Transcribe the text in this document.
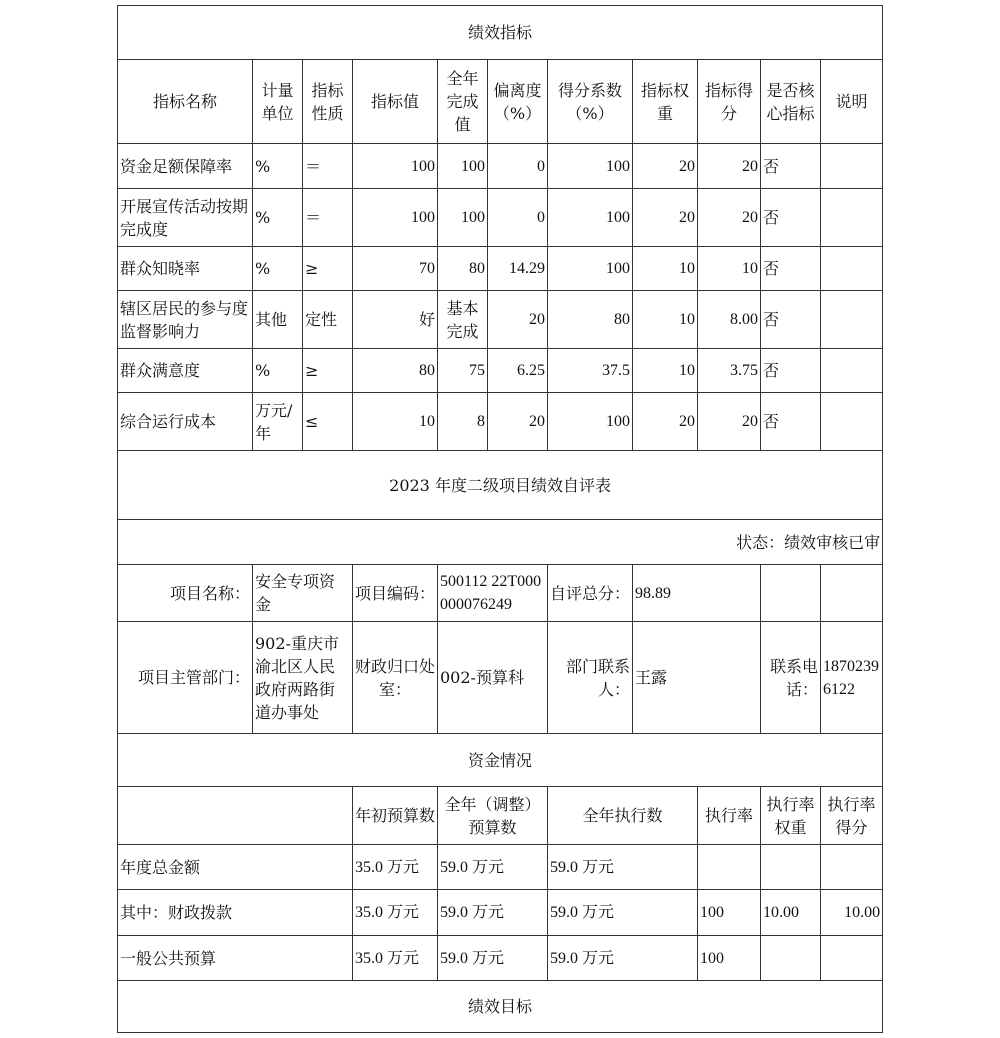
绩效指标										
指标名称	计量单位	指标性质	指标值	全年完成值	偏离度（%）	得分系数（%）	指标权重	指标得分	是否核心指标	说明
资金足额保障率	%	＝	100	100	0	100	20	20	否	
开展宣传活动按期完成度	%	＝	100	100	0	100	20	20	否	
群众知晓率	%	≥	70	80	14.29	100	10	10	否	
辖区居民的参与度监督影响力	其他	定性	好	基本完成	20	80	10	8.00	否	
群众满意度	%	≥	80	75	6.25	37.5	10	3.75	否	
综合运行成本	万元/年	≤	10	8	20	100	20	20	否	
2023 年度二级项目绩效自评表										
状态：绩效审核已审										
项目名称：	安全专项资金		项目编码：	500112 22T000000076249		自评总分：	98.89			
项目主管部门：	902-重庆市渝北区人民政府两路街道办事处		财政归口处室：	002-预算科		部门联系人：	王露		联系电话：	18702396122
资金情况										
			年初预算数	全年（调整）预算数		全年执行数		执行率	执行率权重	执行率得分
年度总金额			35.0 万元	59.0 万元		59.0 万元				
其中：财政拨款			35.0 万元	59.0 万元		59.0 万元		100	10.00	10.00
一般公共预算			35.0 万元	59.0 万元		59.0 万元		100		
绩效目标										
